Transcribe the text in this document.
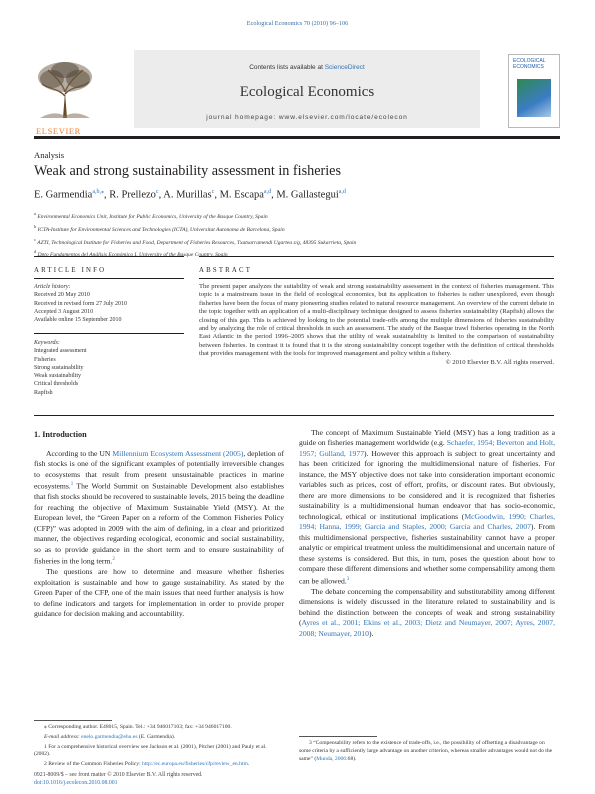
Ecological Economics 70 (2010) 96–106
ELSEVIER
Contents lists available at ScienceDirect
Ecological Economics
journal homepage: www.elsevier.com/locate/ecolecon
ECOLOGICAL ECONOMICS
Analysis
Weak and strong sustainability assessment in fisheries
E. Garmendia$^{a,b,⁎}$, R. Prellezo$^c$, A. Murillas$^c$, M. Escapa$^{a,d}$, M. Gallastegui$^{a,d}$
$^a$ Environmental Economics Unit, Institute for Public Economics, University of the Basque Country, Spain
$^b$ ICTA-Institute for Environmental Sciences and Technologies (ICTA), Universitat Autonoma de Barcelona, Spain
$^c$ AZTI, Technological Institute for Fisheries and Food, Department of Fisheries Resources, Txatxarramendi Ugartea z/g, 48395 Sukarrieta, Spain
$^d$ Basque
ARTICLE INFO	ABSTRACT
Article history:
Received 20 May 2010
Received in revised form 27 July 2010
Accepted 3 August 2010
Available online 15 September 2010
Keywords:
Integrated assessment
Fisheries
Strong sustainability
Weak sustainability
Critical thresholds
Rapfish
The present paper analyzes the suitability of weak and strong sustainability assessment in the context of fisheries management. This topic is a mainstream issue in the field of ecological economics, but its application to fisheries is rather unexplored, even though fisheries have been the focus of many pioneering studies related to natural resource management. An overview of the current debate in the topic together with an application of a multi-disciplinary technique designed to assess fisheries sustainability (Rapfish) allows the closing of this gap. This is achieved by looking to the potential trade-offs among the multiple dimensions of fisheries sustainability and by analyzing the role of critical thresholds in such an assessment. The study of the Basque trawl fisheries operating in the North East Atlantic in the period 1996–2005 shows that the utility of weak sustainability is limited to the comparison of sustainability between fisheries. In contrast it is found that it is the strong sustainability concept together with the definition of critical thresholds that provides management with the tools for improved management and policy within a fishery.
© 2010 Elsevier B.V. All rights reserved.
1. Introduction

According to the UN Millennium Ecosystem Assessment (2005), depletion of fish stocks is one of the significant examples of potentially irreversible changes to ecosystems that result from present unsustainable practices in marine ecosystems.$^1$ The World Summit on Sustainable Development also establishes that fish stocks should be recovered to sustainable levels, 2015 being the deadline for reaching the objective of Maximum Sustainable Yield (MSY). At the European level, the “Green Paper on a reform of the Common Fisheries Policy (CFP)” was adopted in 2009 with the aim of defining, in a clear and prioritized manner, the objectives regarding ecological, economic and social sustainability, so as to provide guidance in the short term and to ensure sustainability of fisheries in the long term.$^2$

The questions are how to determine and measure whether fisheries exploitation is sustainable and how to gauge sustainability. As stated by the Green Paper of the CFP, one of the main issues that need further analysis is how to define indicators and targets for implementation in order to provide proper guidance for decision making and accountability.

The concept of Maximum Sustainable Yield (MSY) has a long tradition as a guide on fisheries management worldwide (e.g. Schaefer, 1954; Beverton and Holt, 1957; Gulland, 1977). However this approach is subject to great uncertainty and has been criticized for ignoring the multidimensional nature of fisheries. For instance, the MSY objective does not take into consideration important economic variables such as prices, cost of effort, profits, or discount rates. But obviously, there are more dimensions to be considered and it is recognized that fisheries sustainability is a multidimensional human endeavor that has socio-economic, technological, ethical or institutional implications (McGoodwin, 1990; Charles, 1994; Hanna, 1999; Garcia and Staples, 2000; Garcia and Charles, 2007). From this multidimensional perspective, fisheries sustainability cannot have a proper analytic or empirical treatment unless the multidimensional and uncertain nature of these systems is considered. But this, in turn, poses the question about how to compare these different dimensions and whether some compensability among them can be allowed.$^3$

The debate concerning the compensability and substitutability among different dimensions is widely discussed in the literature related to sustainability and is behind the distinction between the concepts of weak and strong sustainability (Ayres et al., 2001; Ekins et al., 2003; Dietz and Neumayer, 2007; Ayres, 2007, 2008; Neumayer, 2010).

⁎ Corresponding author. E48015, Spain. Tel.: +34 946017103; fax: +34 946017100.

E-mail address: enelo.garmendia@ehu.es (E. Garmendia).

1 For a comprehensive historical overview see Jackson et al. (2001), Pitcher (2001) and Pauly et al. (2002).

2 Review of the Common Fisheries Policy: http://ec.europa.eu/fisheries/cfp/review_en.htm.

3 “Compensability refers to the existence of trade-offs, i.e., the possibility of offsetting a disadvantage on some criteria by a sufficiently large advantage on another criterion, whereas smaller advantages would not do the same” (Munda, 2006:68).

0921-8009/$ – see front matter © 2010 Elsevier B.V. All rights reserved.
doi:10.1016/j.ecolecon.2010.08.001
